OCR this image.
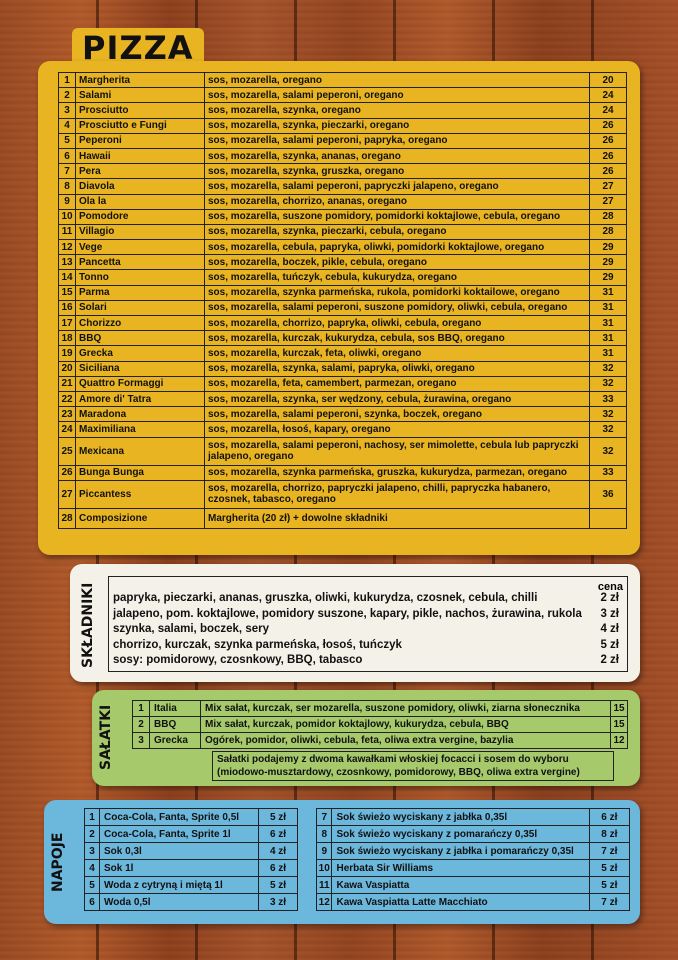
PIZZA
1	Margherita	sos, mozarella, oregano	20
2	Salami	sos, mozarella, salami peperoni, oregano	24
3	Prosciutto	sos, mozarella, szynka, oregano	24
4	Prosciutto e Fungi	sos, mozarella, szynka, pieczarki, oregano	26
5	Peperoni	sos, mozarella, salami peperoni, papryka, oregano	26
6	Hawaii	sos, mozarella, szynka, ananas, oregano	26
7	Pera	sos, mozarella, szynka, gruszka, oregano	26
8	Diavola	sos, mozarella, salami peperoni, papryczki jalapeno, oregano	27
9	Ola la	sos, mozarella, chorrizo, ananas, oregano	27
10	Pomodore	sos, mozarella, suszone pomidory, pomidorki koktajlowe, cebula, oregano	28
11	Villagio	sos, mozarella, szynka, pieczarki, cebula, oregano	28
12	Vege	sos, mozarella, cebula, papryka, oliwki, pomidorki koktajlowe, oregano	29
13	Pancetta	sos, mozarella, boczek, pikle, cebula, oregano	29
14	Tonno	sos, mozarella, tuńczyk, cebula, kukurydza, oregano	29
15	Parma	sos, mozarella, szynka parmeńska, rukola, pomidorki koktailowe, oregano	31
16	Solari	sos, mozarella, salami peperoni, suszone pomidory, oliwki, cebula, oregano	31
17	Chorizzo	sos, mozarella, chorrizo, papryka, oliwki, cebula, oregano	31
18	BBQ	sos, mozarella, kurczak, kukurydza, cebula, sos BBQ, oregano	31
19	Grecka	sos, mozarella, kurczak, feta, oliwki, oregano	31
20	Siciliana	sos, mozarella, szynka, salami, papryka, oliwki, oregano	32
21	Quattro Formaggi	sos, mozarella, feta, camembert, parmezan, oregano	32
22	Amore di' Tatra	sos, mozarella, szynka, ser wędzony, cebula, żurawina, oregano	33
23	Maradona	sos, mozarella, salami peperoni, szynka, boczek, oregano	32
24	Maximiliana	sos, mozarella, łosoś, kapary, oregano	32
25	Mexicana	sos, mozarella, salami peperoni, nachosy, ser mimolette, cebula lub papryczki jalapeno, oregano	32
26	Bunga Bunga	sos, mozarella, szynka parmeńska, gruszka, kukurydza, parmezan, oregano	33
27	Piccantess	sos, mozarella, chorrizo, papryczki jalapeno, chilli, papryczka habanero, czosnek, tabasco, oregano	36
28	Composizione	Margherita (20 zł) + dowolne składniki	
SKŁADNIKI	cena
papryka, pieczarki, ananas, gruszka, oliwki, kukurydza, czosnek, cebula, chilli	2 zł
jalapeno, pom. koktajlowe, pomidory suszone, kapary, pikle, nachos, żurawina, rukola 3 zł
szynka, salami, boczek, sery	4 zł
chorrizo, kurczak, szynka parmeńska, łosoś, tuńczyk	5 zł
sosy: pomidorowy, czosnkowy, BBQ, tabasco	2 zł
SAŁATKI 1	Italia	Mix sałat, kurczak, ser mozarella, suszone pomidory, oliwki, ziarna słonecznika	15
2	BBQ	Mix sałat, kurczak, pomidor koktajlowy, kukurydza, cebula, BBQ	15
3	Grecka	Ogórek, pomidor, oliwki, cebula, feta, oliwa extra vergine, bazylia	12
Sałatki podajemy z dwoma kawałkami włoskiej focacci i sosem do wyboru (miodowo-musztardowy, czosnkowy, pomidorowy, BBQ, oliwa extra vergine)
NAPOJE
1	Coca-Cola, Fanta, Sprite 0,5l	5 zł
2	Coca-Cola, Fanta, Sprite 1l	6 zł
3	Sok 0,3l	4 zł
4	Sok 1l	6 zł
5	Woda z cytryną i miętą 1l	5 zł
6	Woda 0,5l	3 zł
7	Sok świeżo wyciskany z jabłka 0,35l	6 zł
8	Sok świeżo wyciskany z pomarańczy 0,35l	8 zł
9	Sok świeżo wyciskany z jabłka i pomarańczy 0,35l	7 zł
10	Herbata Sir Williams	5 zł
11	Kawa Vaspiatta	5 zł
12	Kawa Vaspiatta Latte Macchiato	7 zł
